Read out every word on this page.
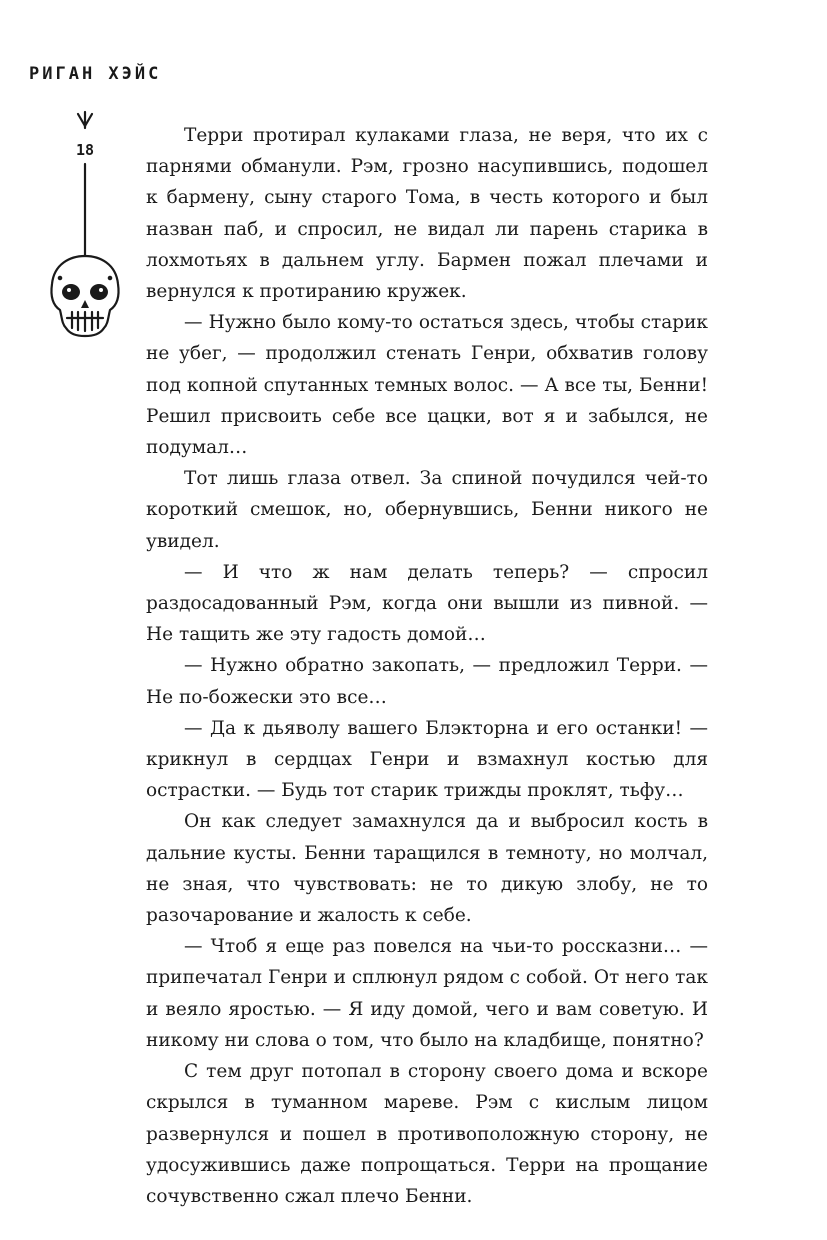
РИГАН ХЭЙС
18

Терри протирал кулаками глаза, не веря, что их с парнями обманули. Рэм, грозно насупившись, подошел к бармену, сыну старого Тома, в честь которого и был назван паб, и спросил, не видал ли парень старика в лохмотьях в дальнем углу. Бармен пожал плечами и вернулся к протиранию кружек.

— Нужно было кому-то остаться здесь, чтобы старик не убег, — продолжил стенать Генри, обхватив голову под копной спутанных темных волос. — А все ты, Бенни! Решил присвоить себе все цацки, вот я и забылся, не подумал…

Тот лишь глаза отвел. За спиной почудился чей-то короткий смешок, но, обернувшись, Бенни никого не увидел.

— И что ж нам делать теперь? — спросил раздосадованный Рэм, когда они вышли из пивной. — Не тащить же эту гадость домой…

— Нужно обратно закопать, — предложил Терри. — Не по-божески это все…

— Да к дьяволу вашего Блэкторна и его останки! — крикнул в сердцах Генри и взмахнул костью для острастки. — Будь тот старик трижды проклят, тьфу…

Он как следует замахнулся да и выбросил кость в дальние кусты. Бенни таращился в темноту, но молчал, не зная, что чувствовать: не то дикую злобу, не то разочарование и жалость к себе.

— Чтоб я еще раз повелся на чьи-то россказни… — припечатал Генри и сплюнул рядом с собой. От него так и веяло яростью. — Я иду домой, чего и вам советую. И никому ни слова о том, что было на кладбище, понятно?

С тем друг потопал в сторону своего дома и вскоре скрылся в туманном мареве. Рэм с кислым лицом развернулся и пошел в противоположную сторону, не удосужившись даже попрощаться. Терри на прощание сочувственно сжал плечо Бенни.
